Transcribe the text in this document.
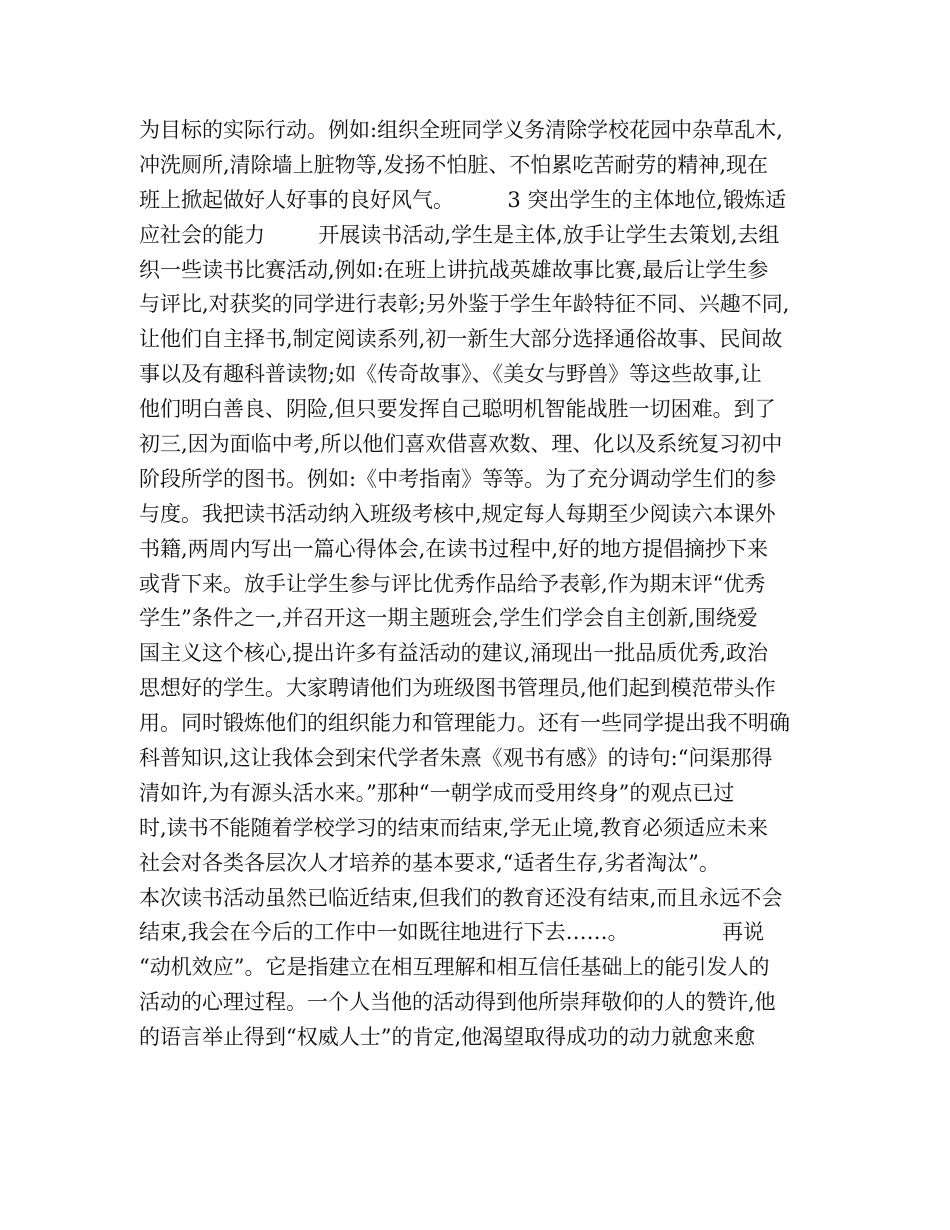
为目标的实际行动。例如:组织全班同学义务清除学校花园中杂草乱木,
冲洗厕所,清除墙上脏物等,发扬不怕脏、不怕累吃苦耐劳的精神,现在
班上掀起做好人好事的良好风气。        3 突出学生的主体地位,锻炼适
应社会的能力        开展读书活动,学生是主体,放手让学生去策划,去组
织一些读书比赛活动,例如:在班上讲抗战英雄故事比赛,最后让学生参
与评比,对获奖的同学进行表彰;另外鉴于学生年龄特征不同、兴趣不同,
让他们自主择书,制定阅读系列,初一新生大部分选择通俗故事、民间故
事以及有趣科普读物;如《传奇故事》、《美女与野兽》等这些故事,让
他们明白善良、阴险,但只要发挥自己聪明机智能战胜一切困难。到了
初三,因为面临中考,所以他们喜欢借喜欢数、理、化以及系统复习初中
阶段所学的图书。例如:《中考指南》等等。为了充分调动学生们的参
与度。我把读书活动纳入班级考核中,规定每人每期至少阅读六本课外
书籍,两周内写出一篇心得体会,在读书过程中,好的地方提倡摘抄下来
或背下来。放手让学生参与评比优秀作品给予表彰,作为期末评“优秀
学生”条件之一,并召开这一期主题班会,学生们学会自主创新,围绕爱
国主义这个核心,提出许多有益活动的建议,涌现出一批品质优秀,政治
思想好的学生。大家聘请他们为班级图书管理员,他们起到模范带头作
用。同时锻炼他们的组织能力和管理能力。还有一些同学提出我不明确
科普知识,这让我体会到宋代学者朱熹《观书有感》的诗句:“问渠那得
清如许,为有源头活水来。”那种“一朝学成而受用终身”的观点已过
时,读书不能随着学校学习的结束而结束,学无止境,教育必须适应未来
社会对各类各层次人才培养的基本要求,“适者生存,劣者淘汰”。
本次读书活动虽然已临近结束,但我们的教育还没有结束,而且永远不会
结束,我会在今后的工作中一如既往地进行下去……。              再说
“动机效应”。它是指建立在相互理解和相互信任基础上的能引发人的
活动的心理过程。一个人当他的活动得到他所崇拜敬仰的人的赞许,他
的语言举止得到“权威人士”的肯定,他渴望取得成功的动力就愈来愈
